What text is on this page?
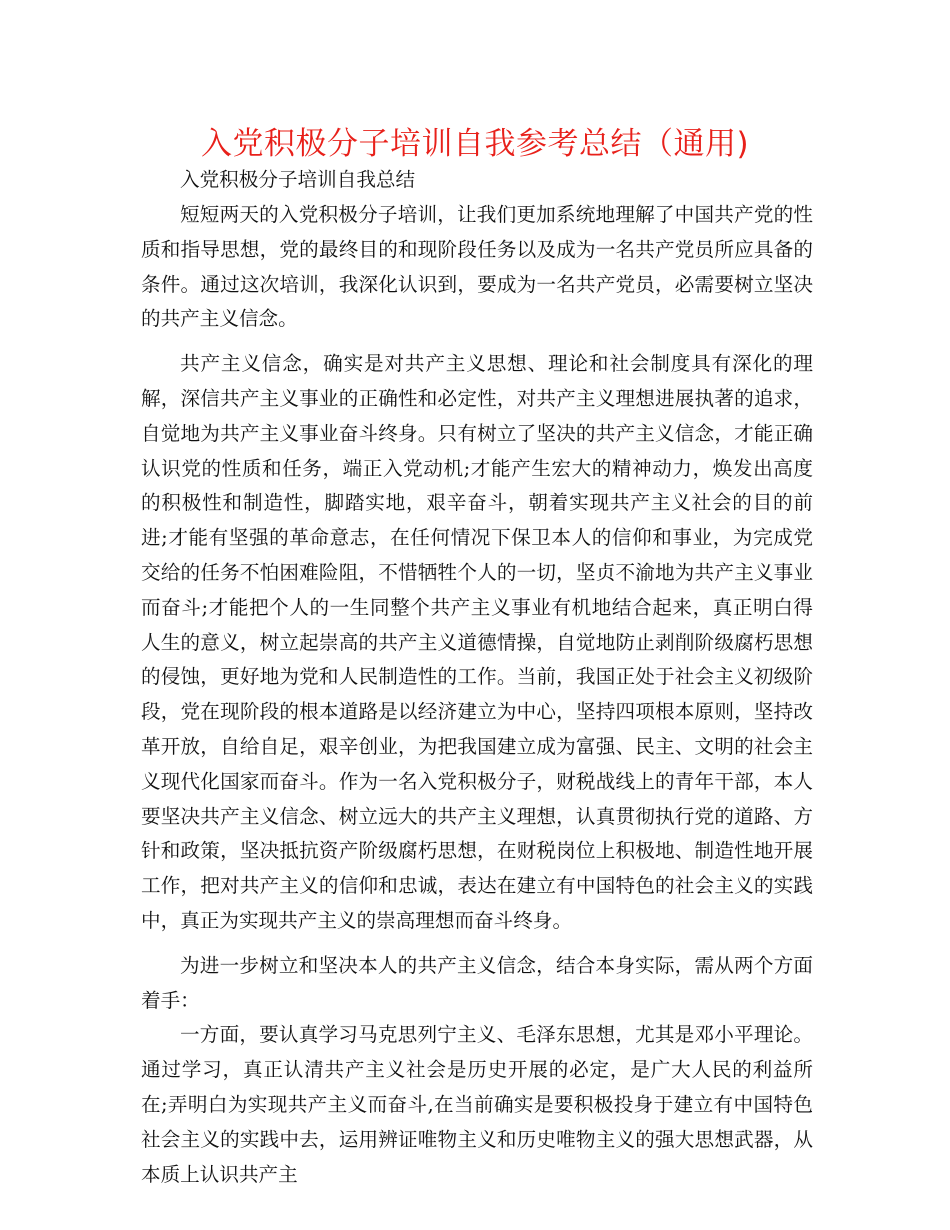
入党积极分子培训自我参考总结（通用)

入党积极分子培训自我总结

短短两天的入党积极分子培训，让我们更加系统地理解了中国共产党的性质和指导思想，党的最终目的和现阶段任务以及成为一名共产党员所应具备的条件。通过这次培训，我深化认识到，要成为一名共产党员，必需要树立坚决的共产主义信念。

共产主义信念，确实是对共产主义思想、理论和社会制度具有深化的理解，深信共产主义事业的正确性和必定性，对共产主义理想进展执著的追求，自觉地为共产主义事业奋斗终身。只有树立了坚决的共产主义信念，才能正确认识党的性质和任务，端正入党动机;才能产生宏大的精神动力，焕发出高度的积极性和制造性，脚踏实地，艰辛奋斗，朝着实现共产主义社会的目的前进;才能有坚强的革命意志，在任何情况下保卫本人的信仰和事业，为完成党交给的任务不怕困难险阻，不惜牺牲个人的一切，坚贞不渝地为共产主义事业而奋斗;才能把个人的一生同整个共产主义事业有机地结合起来，真正明白得人生的意义，树立起崇高的共产主义道德情操，自觉地防止剥削阶级腐朽思想的侵蚀，更好地为党和人民制造性的工作。当前，我国正处于社会主义初级阶段，党在现阶段的根本道路是以经济建立为中心，坚持四项根本原则，坚持改革开放，自给自足，艰辛创业，为把我国建立成为富强、民主、文明的社会主义现代化国家而奋斗。作为一名入党积极分子，财税战线上的青年干部，本人要坚决共产主义信念、树立远大的共产主义理想，认真贯彻执行党的道路、方针和政策，坚决抵抗资产阶级腐朽思想，在财税岗位上积极地、制造性地开展工作，把对共产主义的信仰和忠诚，表达在建立有中国特色的社会主义的实践中，真正为实现共产主义的崇高理想而奋斗终身。

为进一步树立和坚决本人的共产主义信念，结合本身实际，需从两个方面着手：

一方面，要认真学习马克思列宁主义、毛泽东思想，尤其是邓小平理论。通过学习，真正认清共产主义社会是历史开展的必定，是广大人民的利益所在;弄明白为实现共产主义而奋斗,在当前确实是要积极投身于建立有中国特色社会主义的实践中去，运用辨证唯物主义和历史唯物主义的强大思想武器，从本质上认识共产主
